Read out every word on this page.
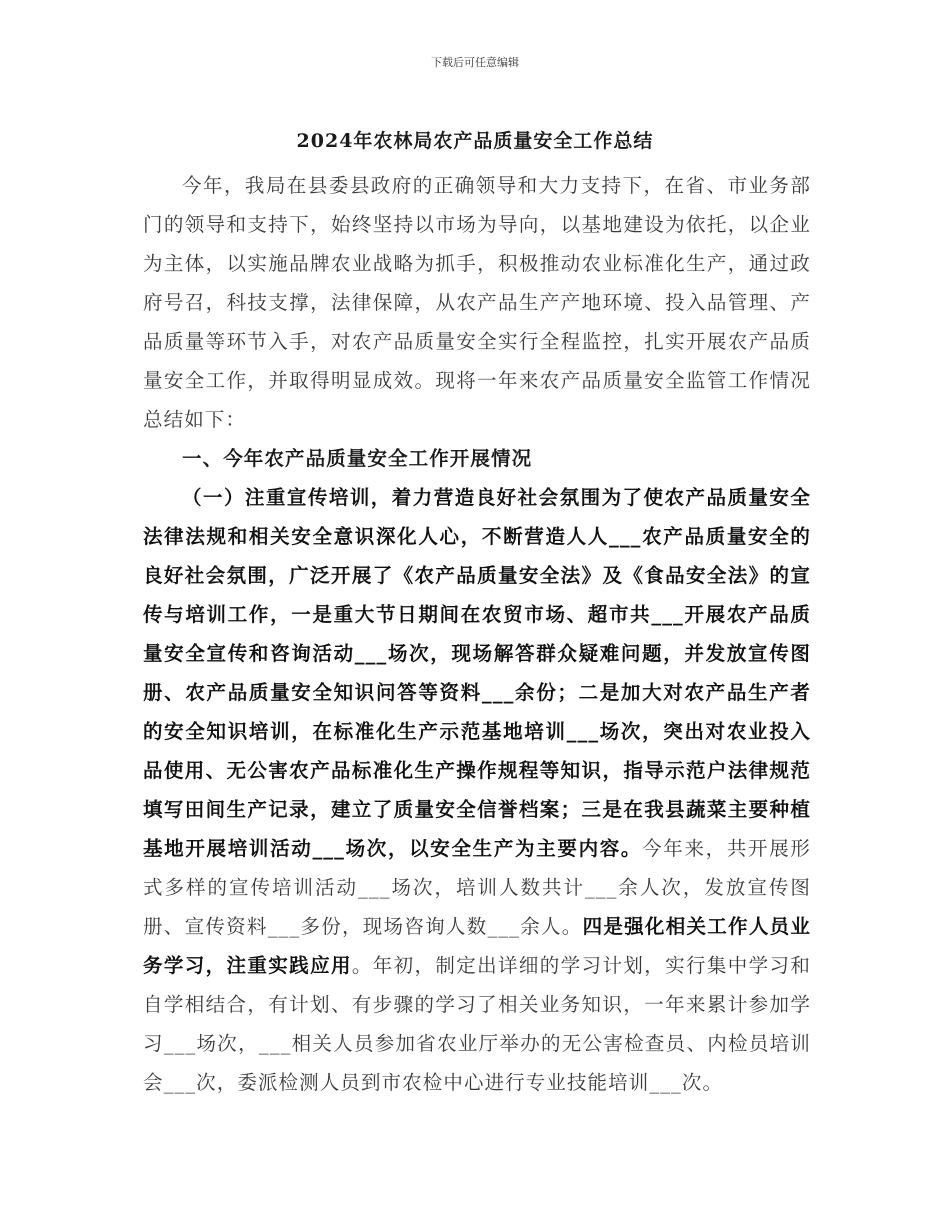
下载后可任意编辑
2024年农林局农产品质量安全工作总结

今年，我局在县委县政府的正确领导和大力支持下，在省、市业务部门的领导和支持下，始终坚持以市场为导向，以基地建设为依托，以企业为主体，以实施品牌农业战略为抓手，积极推动农业标准化生产，通过政府号召，科技支撑，法律保障，从农产品生产产地环境、投入品管理、产品质量等环节入手，对农产品质量安全实行全程监控，扎实开展农产品质量安全工作，并取得明显成效。现将一年来农产品质量安全监管工作情况总结如下：

一、今年农产品质量安全工作开展情况

（一）注重宣传培训，着力营造良好社会氛围为了使农产品质量安全法律法规和相关安全意识深化人心，不断营造人人___农产品质量安全的良好社会氛围，广泛开展了《农产品质量安全法》及《食品安全法》的宣传与培训工作，一是重大节日期间在农贸市场、超市共___开展农产品质量安全宣传和咨询活动___场次，现场解答群众疑难问题，并发放宣传图册、农产品质量安全知识问答等资料___余份；二是加大对农产品生产者的安全知识培训，在标准化生产示范基地培训___场次，突出对农业投入品使用、无公害农产品标准化生产操作规程等知识，指导示范户法律规范填写田间生产记录，建立了质量安全信誉档案；三是在我县蔬菜主要种植基地开展培训活动___场次，以安全生产为主要内容。今年来，共开展形式多样的宣传培训活动___场次，培训人数共计___余人次，发放宣传图册、宣传资料___多份，现场咨询人数___余人。四是强化相关工作人员业务学习，注重实践应用。年初，制定出详细的学习计划，实行集中学习和自学相结合，有计划、有步骤的学习了相关业务知识，一年来累计参加学习___场次，___相关人员参加省农业厅举办的无公害检查员、内检员培训会___次，委派检测人员到市农检中心进行专业技能培训___次。
